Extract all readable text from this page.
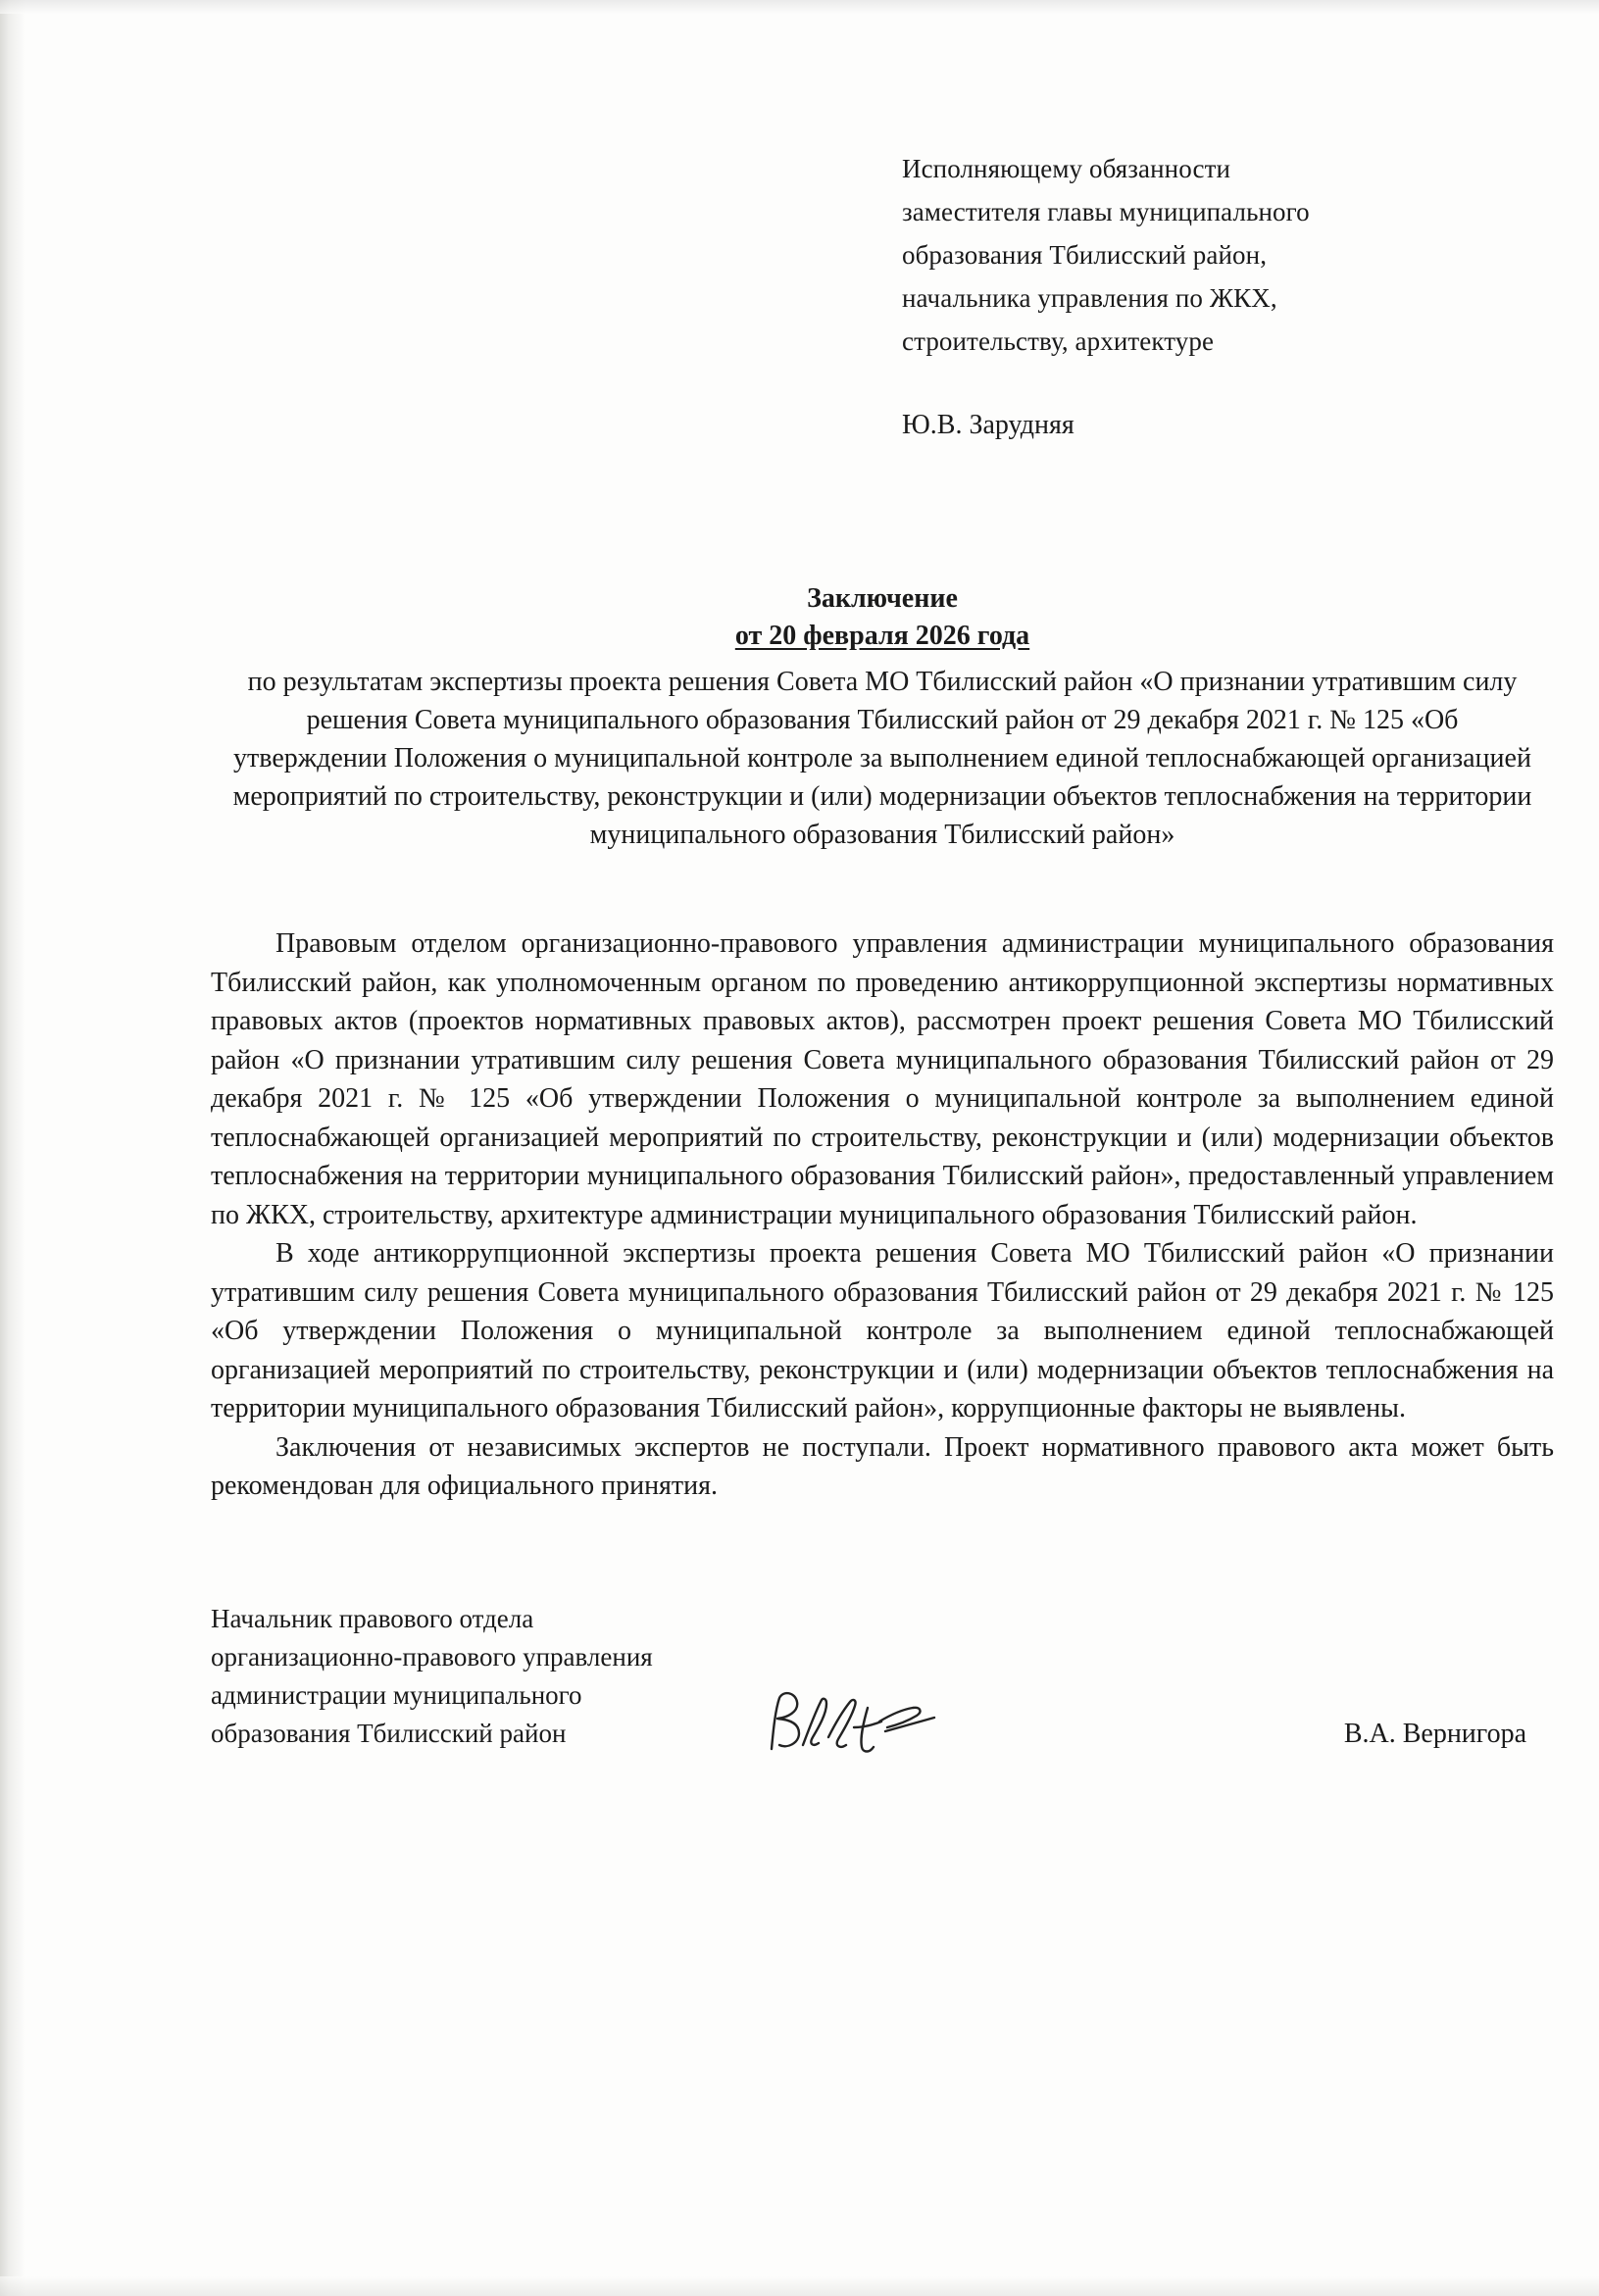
Исполняющему обязанности
заместителя главы муниципального
образования Тбилисский район,
начальника управления по ЖКХ,
строительству, архитектуре
Ю.В. Зарудняя
Заключение
от 20 февраля 2026 года
по результатам экспертизы проекта решения Совета МО Тбилисский район «О признании утратившим силу решения Совета муниципального образования Тбилисский район от 29 декабря 2021 г. № 125 «Об утверждении Положения о муниципальной контроле за выполнением единой теплоснабжающей организацией мероприятий по строительству, реконструкции и (или) модернизации объектов теплоснабжения на территории муниципального образования Тбилисский район»

Правовым отделом организационно-правового управления администрации муниципального образования Тбилисский район, как уполномоченным органом по проведению антикоррупционной экспертизы нормативных правовых актов (проектов нормативных правовых актов), рассмотрен проект решения Совета МО Тбилисский район «О признании утратившим силу решения Совета муниципального образования Тбилисский район от 29 декабря 2021 г. № 125 «Об утверждении Положения о муниципальной контроле за выполнением единой теплоснабжающей организацией мероприятий по строительству, реконструкции и (или) модернизации объектов теплоснабжения на территории муниципального образования Тбилисский район», предоставленный управлением по ЖКХ, строительству, архитектуре администрации муниципального образования Тбилисский район.

В ходе антикоррупционной экспертизы проекта решения Совета МО Тбилисский район «О признании утратившим силу решения Совета муниципального образования Тбилисский район от 29 декабря 2021 г. № 125 «Об утверждении Положения о муниципальной контроле за выполнением единой теплоснабжающей организацией мероприятий по строительству, реконструкции и (или) модернизации объектов теплоснабжения на территории муниципального образования Тбилисский район», коррупционные факторы не выявлены.

Заключения от независимых экспертов не поступали. Проект нормативного правового акта может быть рекомендован для официального принятия.

Начальник правового отдела
организационно-правового управления
администрации муниципального
образования Тбилисский район	В.А. Вернигора
